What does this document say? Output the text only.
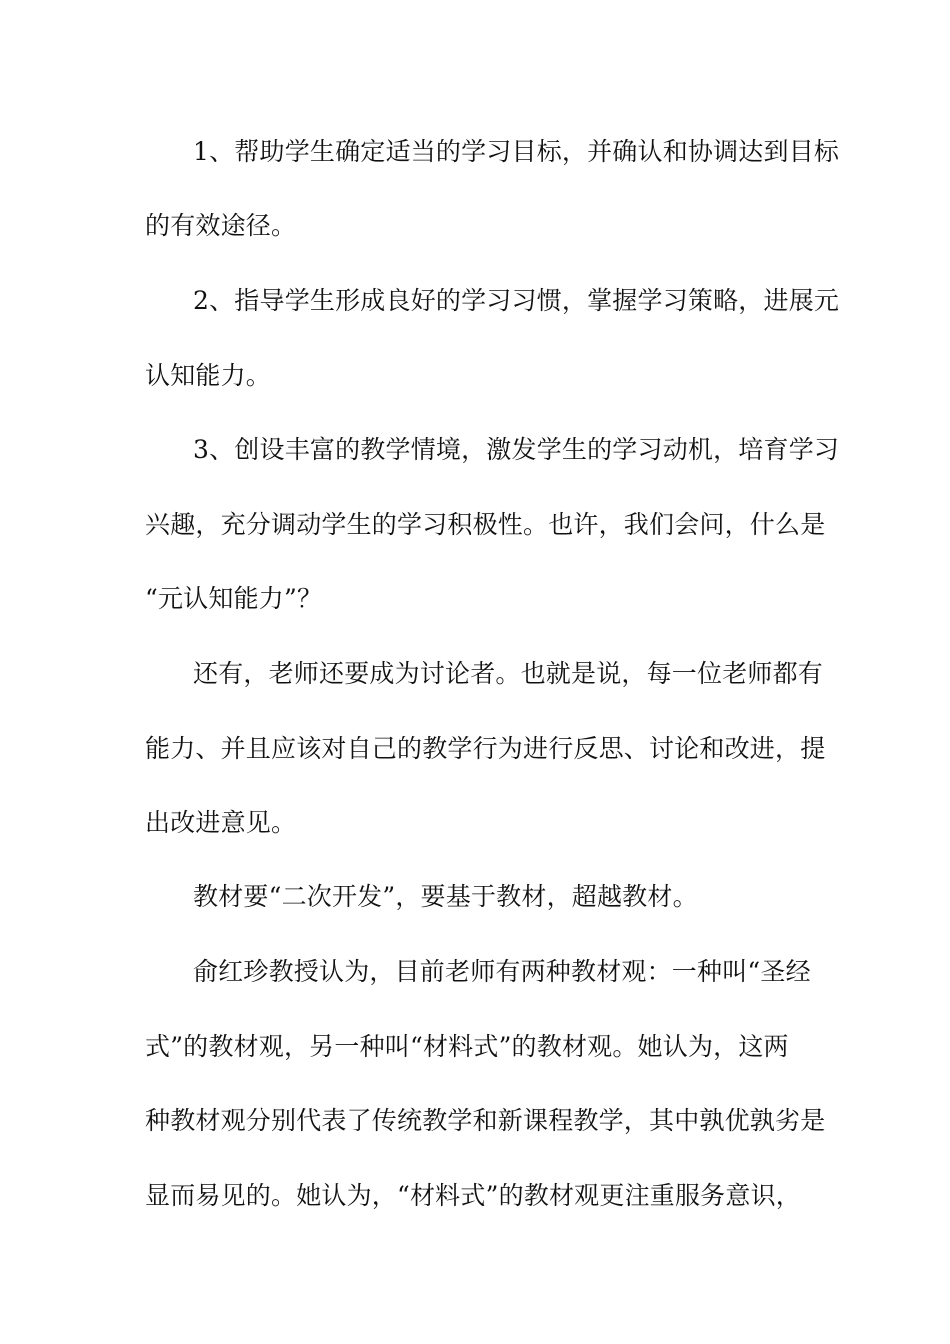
1、帮助学生确定适当的学习目标，并确认和协调达到目标
的有效途径。
2、指导学生形成良好的学习习惯，掌握学习策略，进展元
认知能力。
3、创设丰富的教学情境，激发学生的学习动机，培育学习
兴趣，充分调动学生的学习积极性。也许，我们会问，什么是
“元认知能力”？
还有，老师还要成为讨论者。也就是说，每一位老师都有
能力、并且应该对自己的教学行为进行反思、讨论和改进，提
出改进意见。
教材要“二次开发”，要基于教材，超越教材。
俞红珍教授认为，目前老师有两种教材观：一种叫“圣经
式”的教材观，另一种叫“材料式”的教材观。她认为，这两
种教材观分别代表了传统教学和新课程教学，其中孰优孰劣是
显而易见的。她认为，“材料式”的教材观更注重服务意识，
